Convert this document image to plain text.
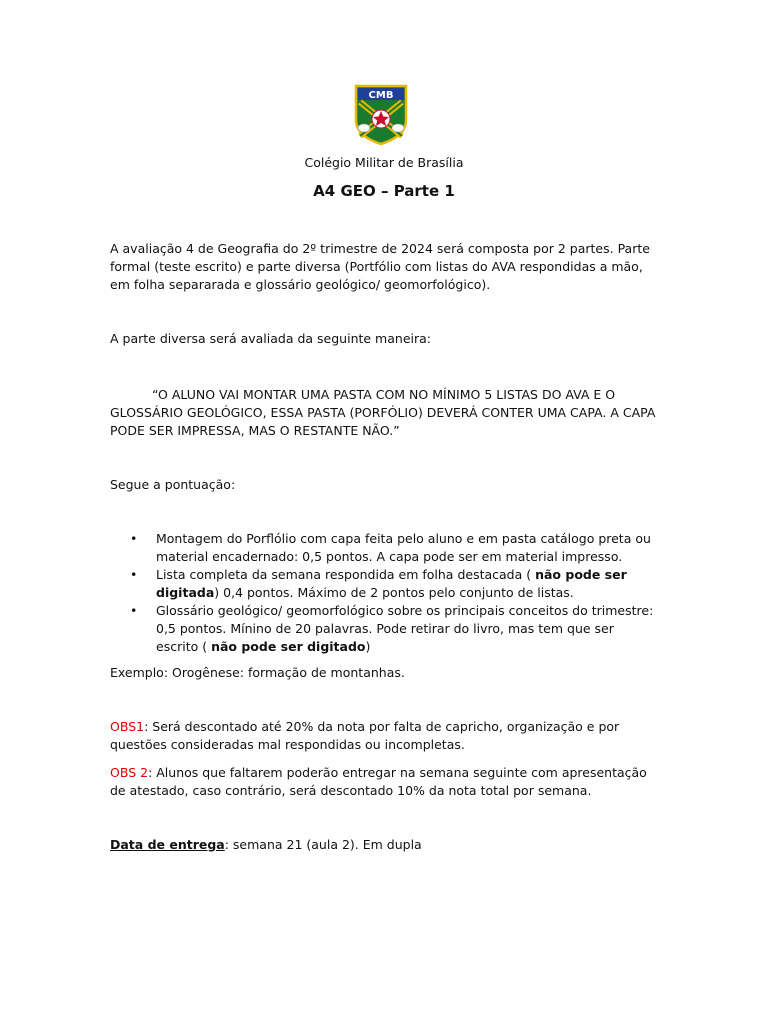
CMB
Colégio Militar de Brasília
A4 GEO – Parte 1
A avaliação 4 de Geografia do 2º trimestre de 2024 será composta por 2 partes. Parte formal (teste escrito) e parte diversa (Portfólio com listas do AVA respondidas a mão, em folha separarada e glossário geológico/ geomorfológico).
A parte diversa será avaliada da seguinte maneira:
“O ALUNO VAI MONTAR UMA PASTA COM NO MÍNIMO 5 LISTAS DO AVA E O GLOSSÁRIO GEOLÓGICO, ESSA PASTA (PORFÓLIO) DEVERÁ CONTER UMA CAPA. A CAPA PODE SER IMPRESSA, MAS O RESTANTE NÃO.”
Segue a pontuação:
• Montagem do Porflólio com capa feita pelo aluno e em pasta catálogo preta ou material encadernado: 0,5 pontos. A capa pode ser em material impresso.
• Lista completa da semana respondida em folha destacada ( não pode ser digitada) 0,4 pontos. Máximo de 2 pontos pelo conjunto de listas.
• Glossário geológico/ geomorfológico sobre os principais conceitos do trimestre: 0,5 pontos. Mínino de 20 palavras. Pode retirar do livro, mas tem que ser escrito ( não pode ser digitado)
Exemplo: Orogênese: formação de montanhas.
OBS1: Será descontado até 20% da nota por falta de capricho, organização e por questões consideradas mal respondidas ou incompletas.
OBS 2: Alunos que faltarem poderão entregar na semana seguinte com apresentação de atestado, caso contrário, será descontado 10% da nota total por semana.
Data de entrega: semana 21 (aula 2). Em dupla
